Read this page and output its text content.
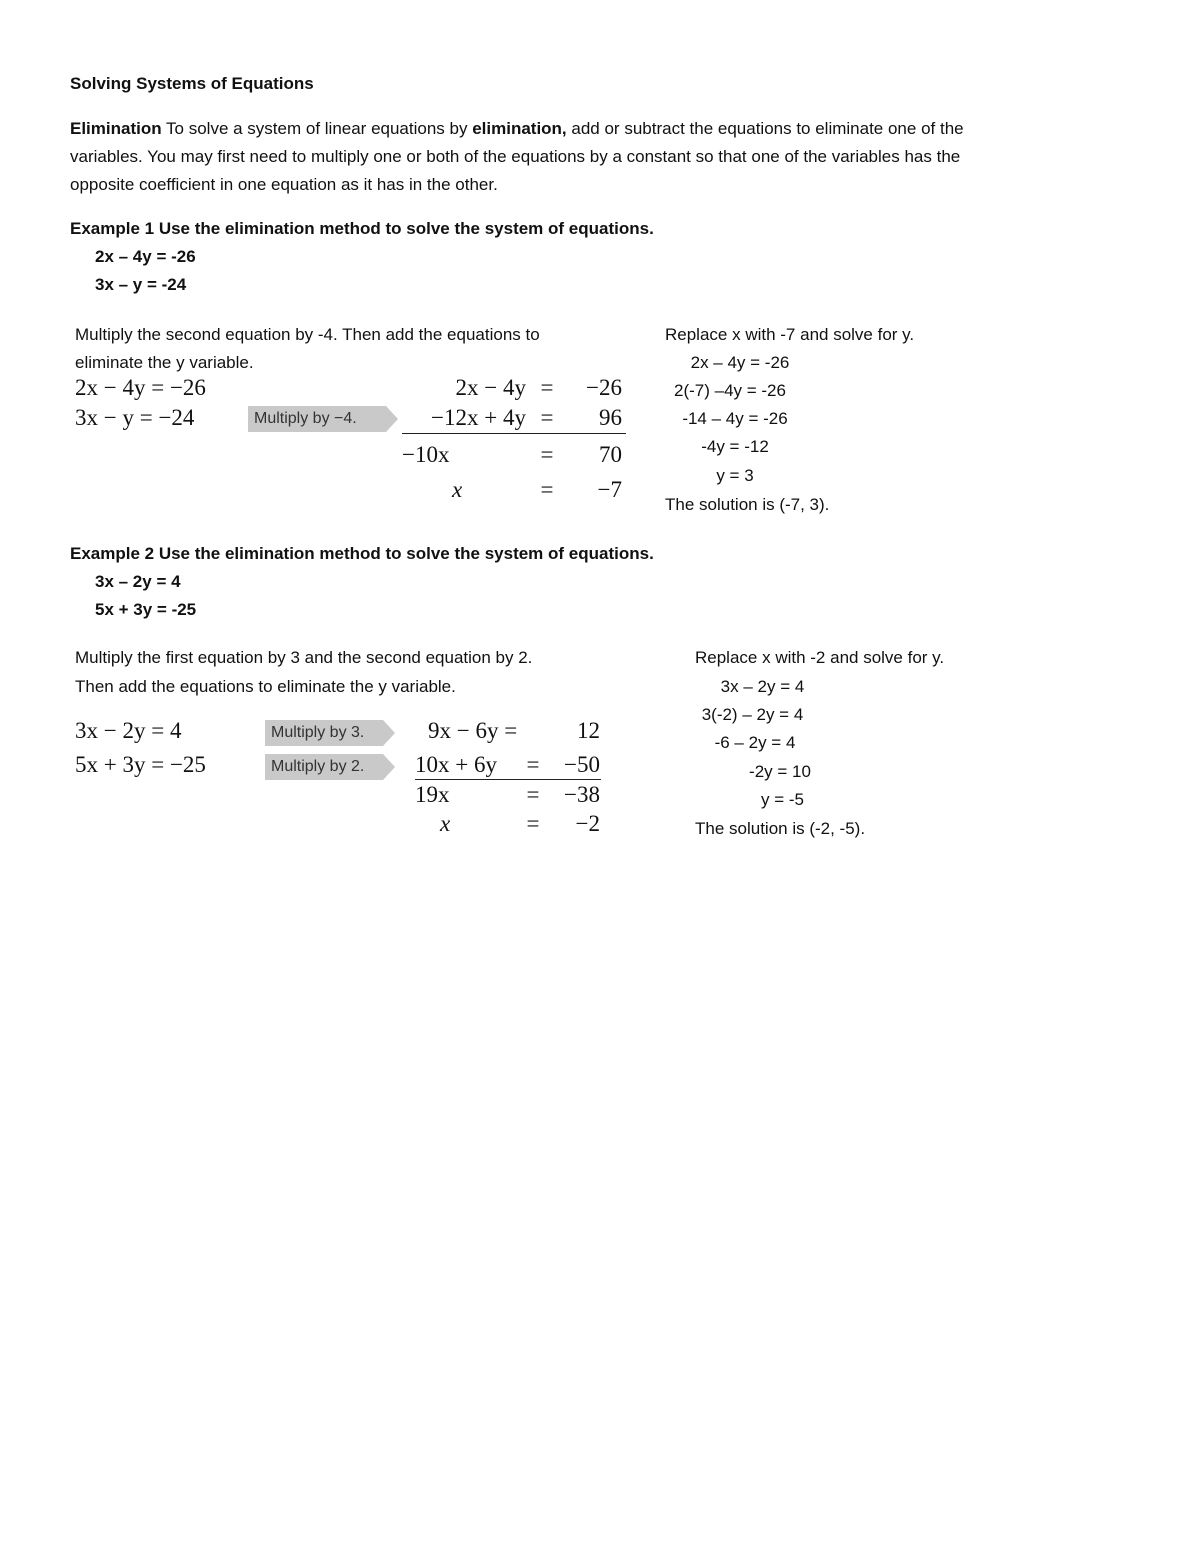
Solving Systems of Equations
Elimination To solve a system of linear equations by elimination, add or subtract the equations to eliminate one of the
variables. You may first need to multiply one or both of the equations by a constant so that one of the variables has the
opposite coefficient in one equation as it has in the other.
Example 1 Use the elimination method to solve the system of equations.
2x – 4y = -26
3x – y = -24
Multiply the second equation by -4. Then add the equations to
eliminate the y variable.
2x − 4y = −26
3x − y = −24	Multiply by −4.
2x − 4y =	−26
−12x + 4y =	96
−10x	=	70
x	=	−7
Replace x with -7 and solve for y.
2x – 4y = -26
2(-7) –4y = -26
-14 – 4y = -26
-4y = -12
y = 3
The solution is (-7, 3).
Example 2 Use the elimination method to solve the system of equations.
3x – 2y = 4
5x + 3y = -25
Multiply the first equation by 3 and the second equation by 2.
Then add the equations to eliminate the y variable.
3x − 2y = 4
5x + 3y = −25
Multiply by 3.
Multiply by 2.
9x − 6y =	12
10x + 6y	=	−50
19x	=	−38
x	=	−2
Replace x with -2 and solve for y.
3x – 2y = 4
3(-2) – 2y = 4
-6 – 2y = 4
-2y = 10
y = -5
The solution is (-2, -5).
